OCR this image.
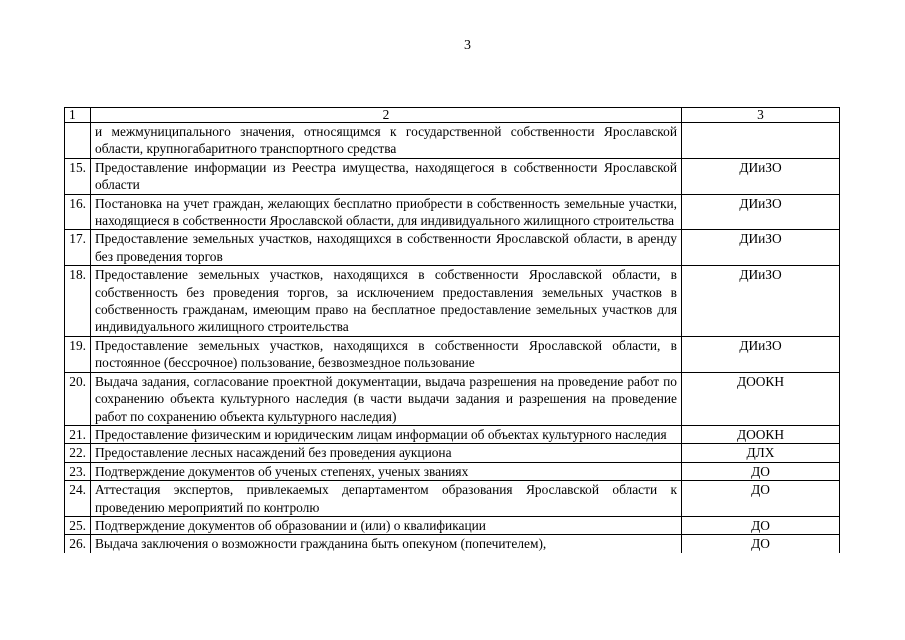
3
1	2	3
	и межмуниципального значения, относящимся к государственной собственности Ярославской области, крупногабаритного транспортного средства	
15.	Предоставление информации из Реестра имущества, находящегося в собственности Ярославской области	ДИиЗО
16.	Постановка на учет граждан, желающих бесплатно приобрести в собственность земельные участки, находящиеся в собственности Ярославской области, для индивидуального жилищного строительства	ДИиЗО
17.	Предоставление земельных участков, находящихся в собственности Ярославской области, в аренду без проведения торгов	ДИиЗО
18.	Предоставление земельных участков, находящихся в собственности Ярославской области, в собственность без проведения торгов, за исключением предоставления земельных участков в собственность гражданам, имеющим право на бесплатное предоставление земельных участков для индивидуального жилищного строительства	ДИиЗО
19.	Предоставление земельных участков, находящихся в собственности Ярославской области, в постоянное (бессрочное) пользование, безвозмездное пользование	ДИиЗО
20.	Выдача задания, согласование проектной документации, выдача разрешения на проведение работ по сохранению объекта культурного наследия (в части выдачи задания и разрешения на проведение работ по сохранению объекта культурного наследия)	ДООКН
21.	Предоставление физическим и юридическим лицам информации об объектах культурного наследия	ДООКН
22.	Предоставление лесных насаждений без проведения аукциона	ДЛХ
23.	Подтверждение документов об ученых степенях, ученых званиях	ДО
24.	Аттестация экспертов, привлекаемых департаментом образования Ярославской области к проведению мероприятий по контролю	ДО
25.	Подтверждение документов об образовании и (или) о квалификации	ДО
26.	Выдача заключения о возможности гражданина быть опекуном (попечителем),	ДО
